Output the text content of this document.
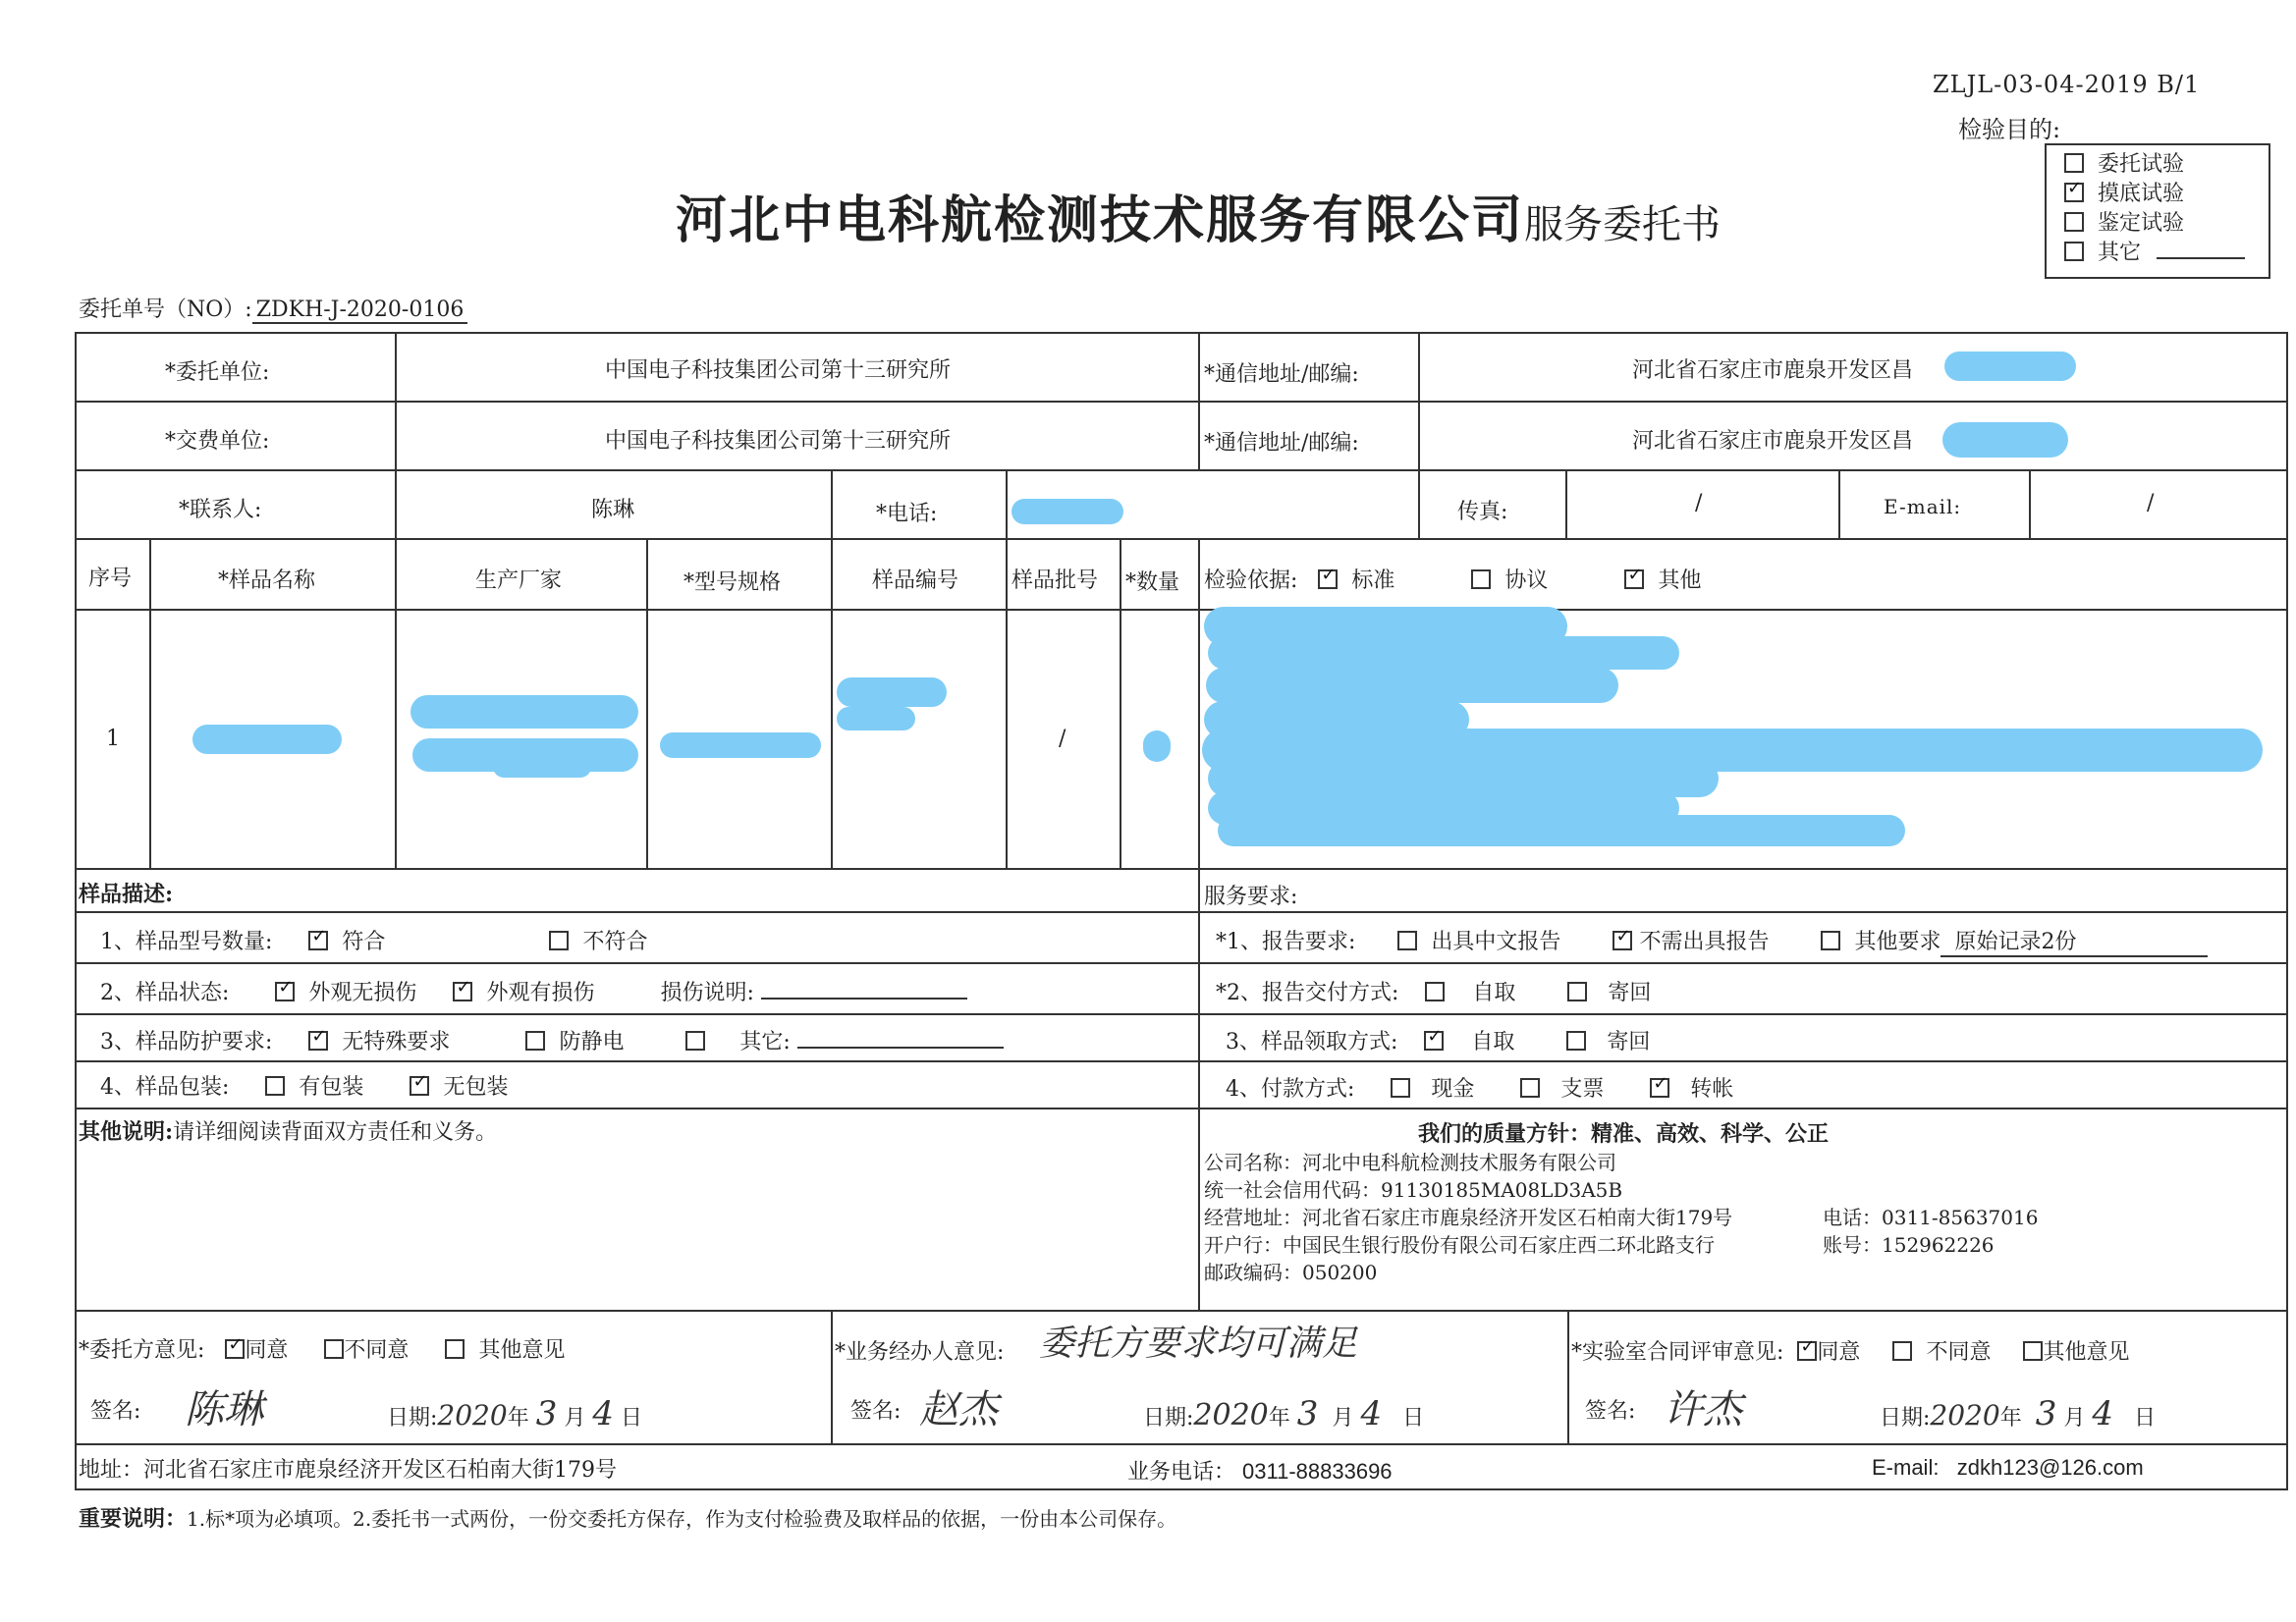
ZLJL-03-04-2019 B/1
检验目的:
委托试验
✓  摸底试验
鉴定试验
其它
河北中电科航检测技术服务有限公司服务委托书
委托单号（NO）: ZDKH-J-2020-0106
*委托单位:	中国电子科技集团公司第十三研究所	*通信地址/邮编:	河北省石家庄市鹿泉开发区昌
*交费单位:	中国电子科技集团公司第十三研究所	*通信地址/邮编:	河北省石家庄市鹿泉开发区昌
*联系人:	陈琳	*电话:	传真:	/	E-mail:	/
序号	*样品名称	生产厂家	*型号规格	样品编号 样品批号 *数量 检验依据: ✓ 标准	协议 ✓	其他
1	/
样品描述:
1、样品型号数量: ✓	符合	不符合
2、样品状态: ✓	外观无损伤 ✓	外观有损伤	损伤说明:
3、样品防护要求: ✓	无特殊要求	防静电	其它:
4、样品包装:	有包装 ✓	无包装
服务要求:
*1、报告要求:	出具中文报告 ✓	不需出具报告	其他要求 原始记录2份
*2、报告交付方式:	自取	寄回
3、样品领取方式: ✓	自取	寄回
4、付款方式:	现金	支票 ✓	转帐
其他说明:请详细阅读背面双方责任和义务。	我们的质量方针：精准、高效、科学、公正
公司名称：河北中电科航检测技术服务有限公司
统一社会信用代码：91130185MA08LD3A5B
经营地址：河北省石家庄市鹿泉经济开发区石柏南大街179号	电话：0311-85637016
开户行：中国民生银行股份有限公司石家庄西二环北路支行	账号：152962226
邮政编码：050200
*委托方意见: ✓ 同意	不同意	其他意见
签名: 陈琳	日期:2020年 3 月 4 日
*业务经办人意见: 委托方要求均可满足
签名: 赵杰	日期:2020年 3 月 4 日
*实验室合同评审意见: ✓ 同意	不同意 其他意见
签名: 许杰	日期:2020年 3 月 4 日
地址：河北省石家庄市鹿泉经济开发区石柏南大街179号	业务电话： 0311-88833696	E-mail: zdkh123@126.com
重要说明：1.标*项为必填项。2.委托书一式两份，一份交委托方保存，作为支付检验费及取样品的依据，一份由本公司保存。
